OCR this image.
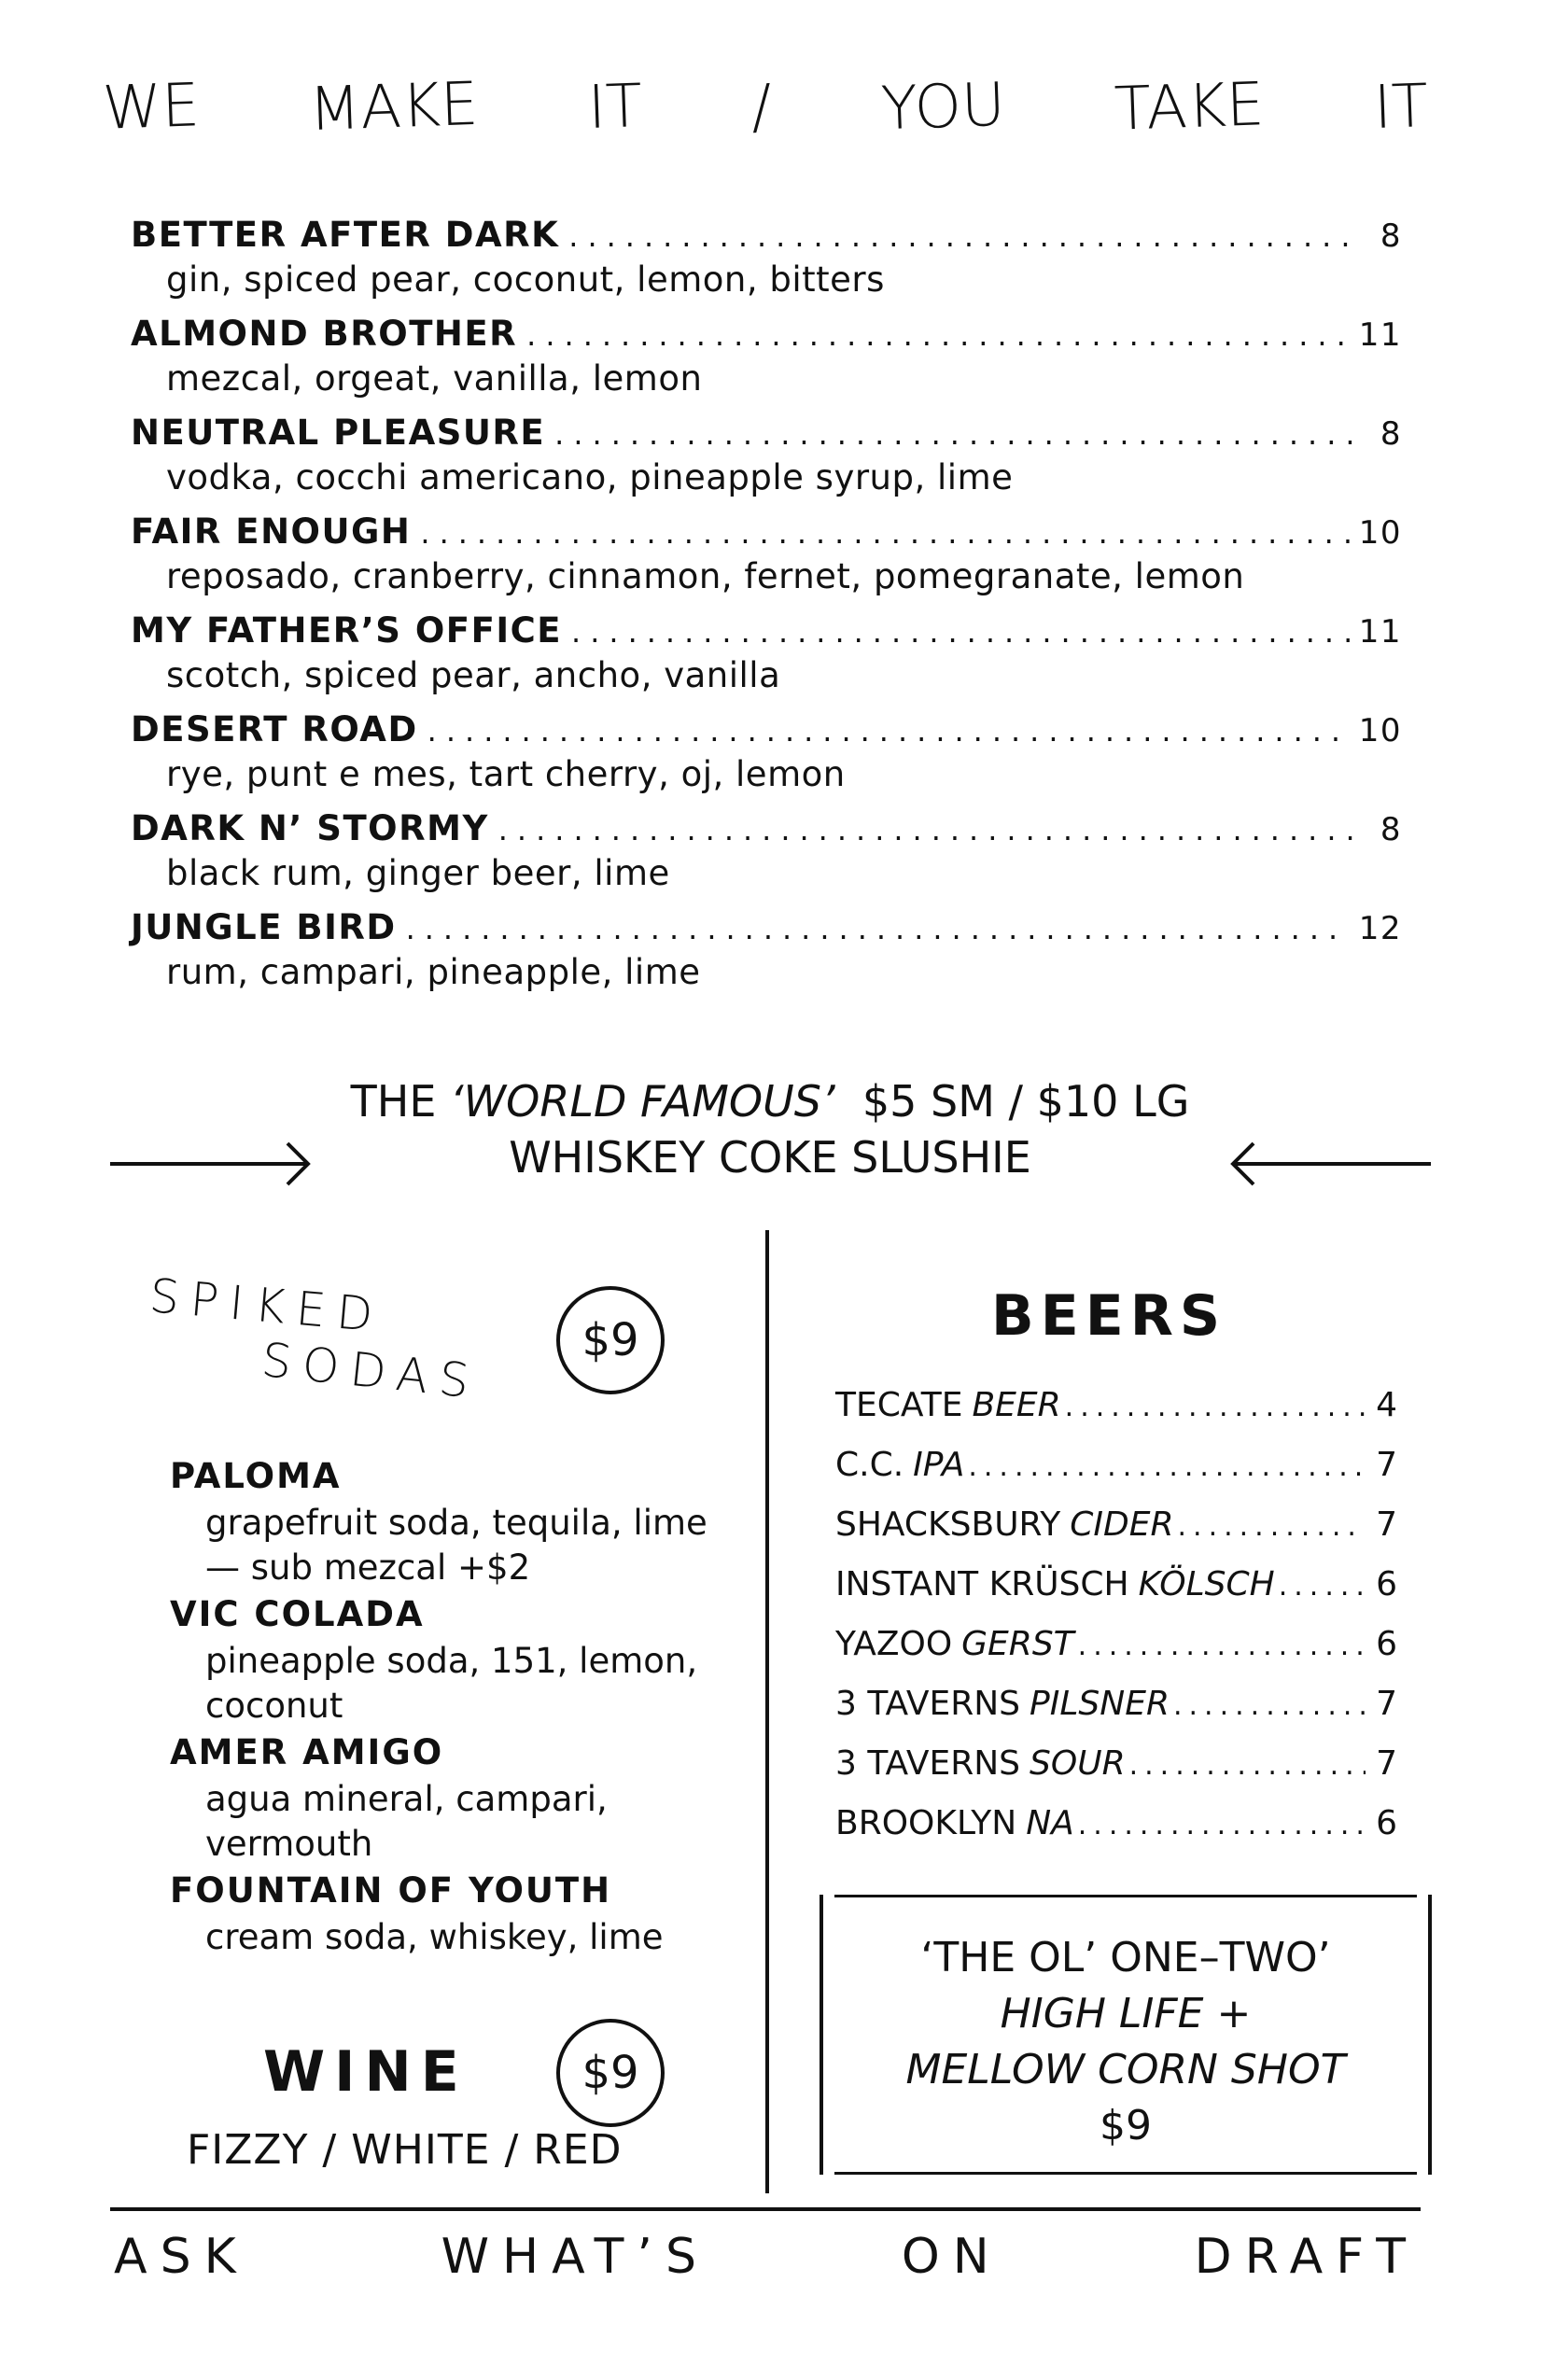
WE MAKE IT / YOU TAKE IT
BETTER AFTER DARK .....	8
gin, spiced pear, coconut, lemon, bitters
ALMOND BROTHER .....	11
mezcal, orgeat, vanilla, lemon
NEUTRAL PLEASURE .....	8
vodka, cocchi americano, pineapple syrup, lime
FAIR ENOUGH .....	10
reposado, cranberry, cinnamon, fernet, pomegranate, lemon
MY FATHER’S OFFICE .....	11
scotch, spiced pear, ancho, vanilla
DESERT ROAD .....	10
rye, punt e mes, tart cherry, oj, lemon
DARK N’ STORMY .....	8
black rum, ginger beer, lime
JUNGLE BIRD .....	12
rum, campari, pineapple, lime
THE ‘WORLD FAMOUS’ $5 SM / $10 LG
WHISKEY COKE SLUSHIE
SPIKED
SODAS	$9
PALOMA
grapefruit soda, tequila, lime — sub mezcal +$2
VIC COLADA
pineapple soda, 151, lemon, coconut
AMER AMIGO
agua mineral, campari, vermouth
FOUNTAIN OF YOUTH
cream soda, whiskey, lime
WINE	$9
FIZZY / WHITE / RED
BEERS
TECATE BEER .....	4
C.C. IPA .....	7
SHACKSBURY CIDER .....	7
INSTANT KRÜSCH KÖLSCH .....	6
YAZOO GERST .....	6
3 TAVERNS PILSNER .....	7
3 TAVERNS SOUR .....	7
BROOKLYN NA .....	6
‘THE OL’ ONE–TWO’
HIGH LIFE +
MELLOW CORN SHOT
$9
ASK	WHAT’S	ON	DRAFT
